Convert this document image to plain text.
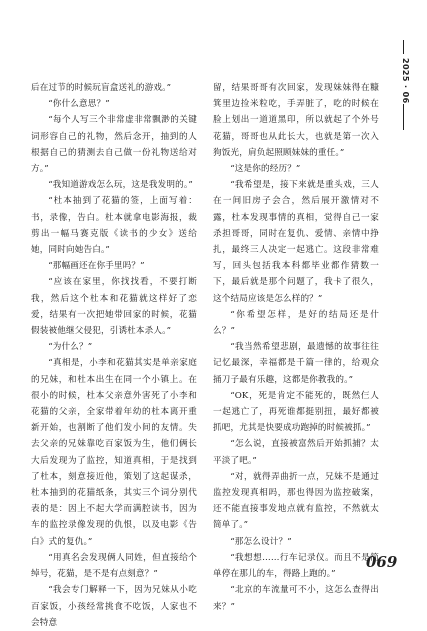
后在过节的时候玩盲盒送礼的游戏。”

“你什么意思？”

“每个人写三个非常虚非常飘渺的关键词形容自己的礼物，然后念开，抽到的人根据自己的猜测去自己做一份礼物送给对方。”

“我知道游戏怎么玩，这是我发明的。”

“杜本抽到了花猫的签，上面写着：书，录像，告白。杜本就拿电影海报，裁剪出一幅马赛克版《读书的少女》送给她，同时向她告白。”

“那幅画还在你手里吗？”

“应该在家里，你找找看，不要打断我，然后这个杜本和花猫就这样好了恋爱，结果有一次把她带回家的时候，花猫假装被他继父侵犯，引诱杜本杀人。”

“为什么？”

“真相是，小李和花猫其实是单亲家庭的兄妹，和杜本出生在同一个小镇上。在很小的时候，杜本父亲意外害死了小李和花猫的父亲，全家带着年幼的杜本离开重新开始，也割断了他们发小间的友情。失去父亲的兄妹靠吃百家饭为生，他们俩长大后发现为了监控，知道真相，于是找到了杜本，刻意接近他，策划了这起谋杀，杜本抽到的花猫纸条，其实三个词分别代表的是：因上不起大学而满腔读书，因为车的监控录像发现的仇恨，以及电影《告白》式的复仇。”

“用真名会发现俩人同姓，但直接给个绰号，花猫，是不是有点刻意？”

“我会专门解释一下，因为兄妹从小吃百家饭，小孩经常挑食不吃饭，人家也不会特意

留，结果哥哥有次回家，发现妹妹得在糠箕里边捡米粒吃，手弄脏了，吃的时候在脸上划出一道道黑印，所以就起了个外号花猫，哥哥也从此长大，也就是第一次入狗饭光，肩负起照顾妹妹的重任。”

“这是你的经历？”

“我希望是，接下来就是重头戏，三人在一间旧房子会合，然后展开激情对不露，杜本发现事情的真相，觉得自己一家杀担哥哥，同时在复仇、爱情、亲情中挣扎，最终三人决定一起逃亡。这段非常难写，回头包括我本科都毕业都作猜数一下，最后就是那个问题了，我卡了很久，这个结局应该是怎么样的？”

“你希望怎样，是好的结局还是什么？”

“我当然希望悲剧，最遗憾的故事往往记忆最深，幸福都是千篇一律的，给观众捅刀子最有乐趣，这都是你教我的。”

“OK，死是肯定不能死的，既然仨人一起逃亡了，再死谁都挺别扭，最好都被抓吧，尤其是快要成功跑掉的时候被抓。”

“怎么说，直接被富然后开始抓捕？太平淡了吧。”

“对，就得弄曲折一点，兄妹不是通过监控发现真相吗，那也得因为监控破案，还不能直接事发地点就有监控，不然就太简单了。”

“那怎么设计？”

“我想想……行车记录仪。而且不是简单停在那儿的车，得路上跑的。”

“北京的车流量可不小，这怎么查得出来？”

2025 · 06
069
